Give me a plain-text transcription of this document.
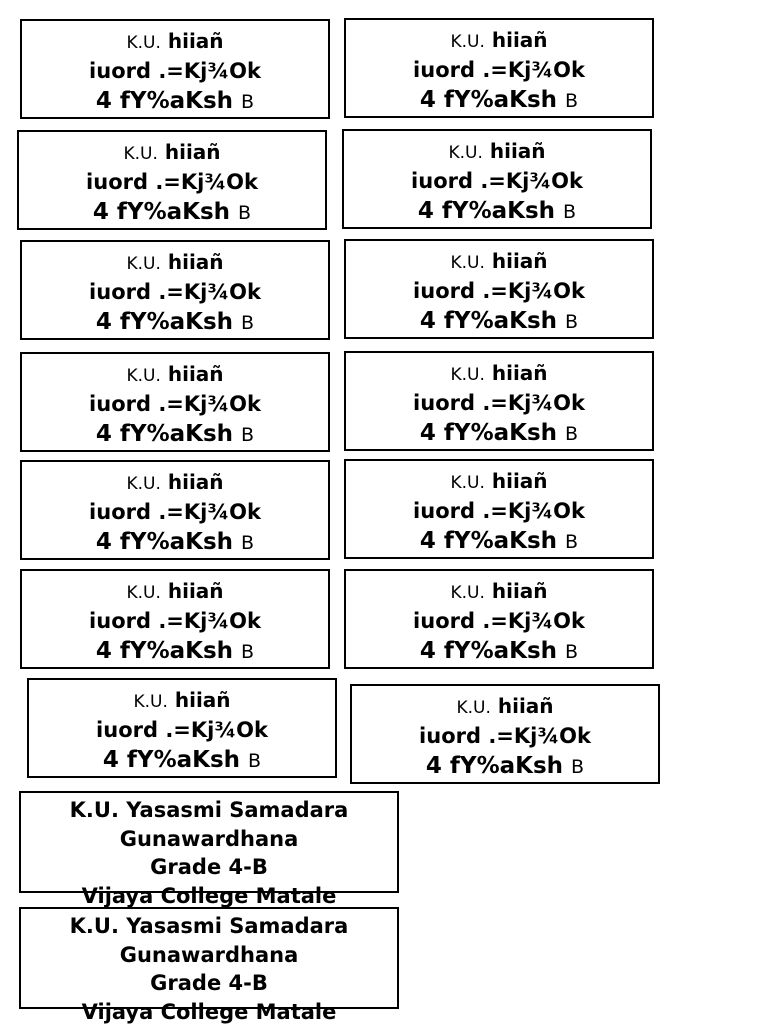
K.U. hiiañ
iuord .=Kj¾Ok
4 fY%aKsh B
K.U. hiiañ
iuord .=Kj¾Ok
4 fY%aKsh B
K.U. hiiañ
iuord .=Kj¾Ok
4 fY%aKsh B
K.U. hiiañ
iuord .=Kj¾Ok
4 fY%aKsh B
K.U. hiiañ
iuord .=Kj¾Ok
4 fY%aKsh B
K.U. hiiañ
iuord .=Kj¾Ok
4 fY%aKsh B
K.U. hiiañ
iuord .=Kj¾Ok
4 fY%aKsh B
K.U. hiiañ
iuord .=Kj¾Ok
4 fY%aKsh B
K.U. hiiañ
iuord .=Kj¾Ok
4 fY%aKsh B
K.U. hiiañ
iuord .=Kj¾Ok
4 fY%aKsh B
K.U. hiiañ
iuord .=Kj¾Ok
4 fY%aKsh B
K.U. hiiañ
iuord .=Kj¾Ok
4 fY%aKsh B
K.U. hiiañ
iuord .=Kj¾Ok
4 fY%aKsh B
K.U. hiiañ
iuord .=Kj¾Ok
4 fY%aKsh B
K.U. Yasasmi Samadara
Gunawardhana
Grade 4-B
Vijaya College Matale
K.U. Yasasmi Samadara
Gunawardhana
Grade 4-B
Vijaya College Matale
